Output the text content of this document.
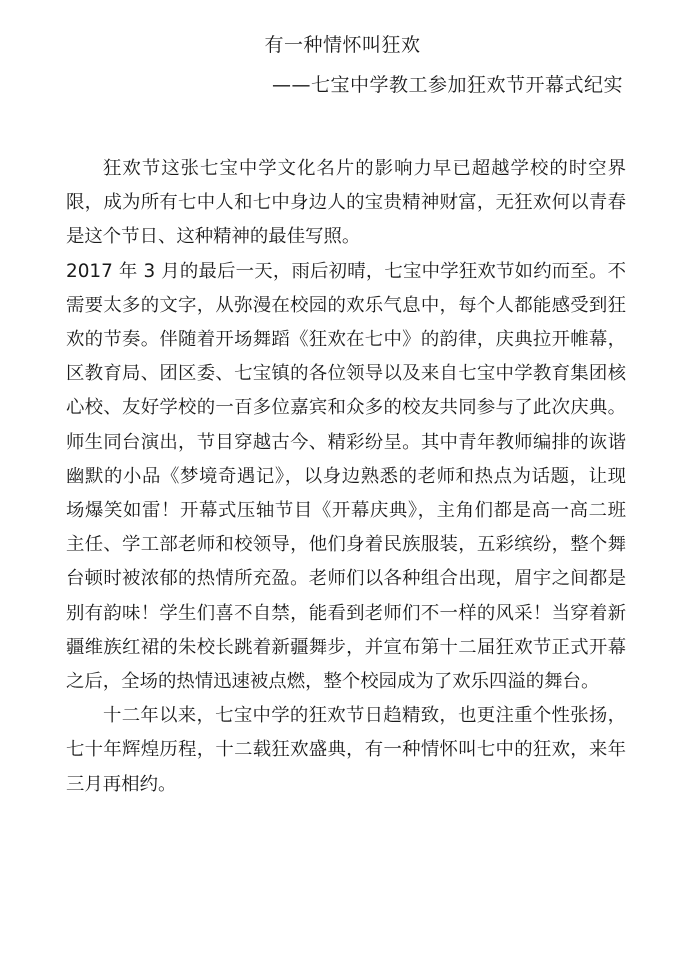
有一种情怀叫狂欢
——七宝中学教工参加狂欢节开幕式纪实

狂欢节这张七宝中学文化名片的影响力早已超越学校的时空界限，成为所有七中人和七中身边人的宝贵精神财富，无狂欢何以青春是这个节日、这种精神的最佳写照。

2017 年 3 月的最后一天，雨后初晴，七宝中学狂欢节如约而至。不需要太多的文字，从弥漫在校园的欢乐气息中，每个人都能感受到狂欢的节奏。伴随着开场舞蹈《狂欢在七中》的韵律，庆典拉开帷幕，区教育局、团区委、七宝镇的各位领导以及来自七宝中学教育集团核心校、友好学校的一百多位嘉宾和众多的校友共同参与了此次庆典。师生同台演出，节目穿越古今、精彩纷呈。其中青年教师编排的诙谐幽默的小品《梦境奇遇记》，以身边熟悉的老师和热点为话题，让现场爆笑如雷！开幕式压轴节目《开幕庆典》，主角们都是高一高二班主任、学工部老师和校领导，他们身着民族服装，五彩缤纷，整个舞台顿时被浓郁的热情所充盈。老师们以各种组合出现，眉宇之间都是别有韵味！学生们喜不自禁，能看到老师们不一样的风采！当穿着新疆维族红裙的朱校长跳着新疆舞步，并宣布第十二届狂欢节正式开幕之后，全场的热情迅速被点燃，整个校园成为了欢乐四溢的舞台。

十二年以来，七宝中学的狂欢节日趋精致，也更注重个性张扬，七十年辉煌历程，十二载狂欢盛典，有一种情怀叫七中的狂欢，来年三月再相约。
